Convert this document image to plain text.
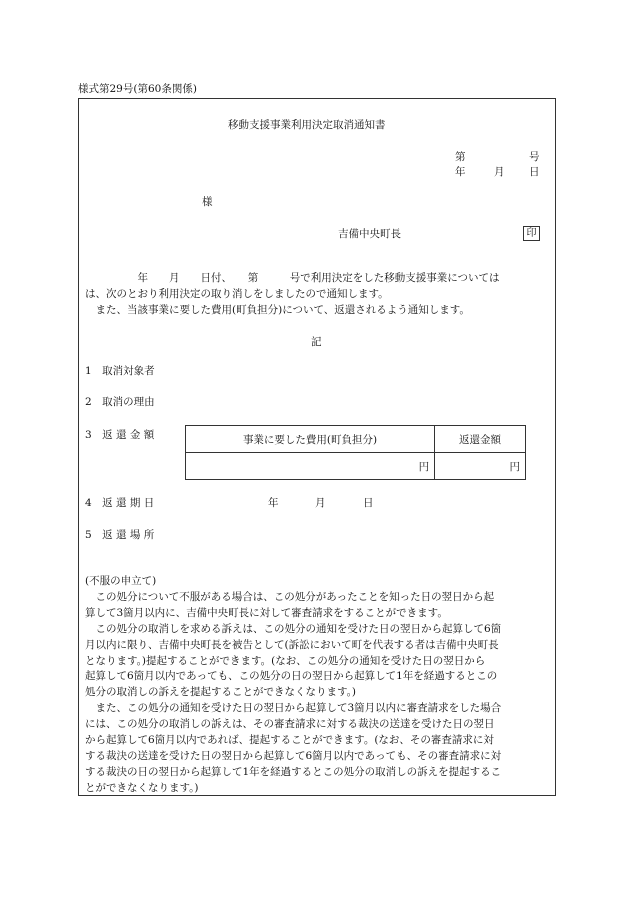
様式第29号(第60条関係)
移動支援事業利用決定取消通知書
第	号
年	月 日
様
吉備中央町長	印
　　　　　年　　月　　日付、　　第　　　号で利用決定をした移動支援事業については
は、次のとおり利用決定の取り消しをしましたので通知します。
　また、当該事業に要した費用(町負担分)について、返還されるよう通知します。
記
1　取消対象者
2　取消の理由
3　返 還 金 額	事業に要した費用(町負担分)	返還金額
円	円
4　返 還 期 日	年	月	日
5　返 還 場 所
(不服の申立て)
　この処分について不服がある場合は、この処分があったことを知った日の翌日から起
算して3箇月以内に、吉備中央町長に対して審査請求をすることができます。
　この処分の取消しを求める訴えは、この処分の通知を受けた日の翌日から起算して6箇
月以内に限り、吉備中央町長を被告として(訴訟において町を代表する者は吉備中央町長
となります。)提起することができます。(なお、この処分の通知を受けた日の翌日から
起算して6箇月以内であっても、この処分の日の翌日から起算して1年を経過するとこの
処分の取消しの訴えを提起することができなくなります。)
　また、この処分の通知を受けた日の翌日から起算して3箇月以内に審査請求をした場合
には、この処分の取消しの訴えは、その審査請求に対する裁決の送達を受けた日の翌日
から起算して6箇月以内であれば、提起することができます。(なお、その審査請求に対
する裁決の送達を受けた日の翌日から起算して6箇月以内であっても、その審査請求に対
する裁決の日の翌日から起算して1年を経過するとこの処分の取消しの訴えを提起するこ
とができなくなります。)
